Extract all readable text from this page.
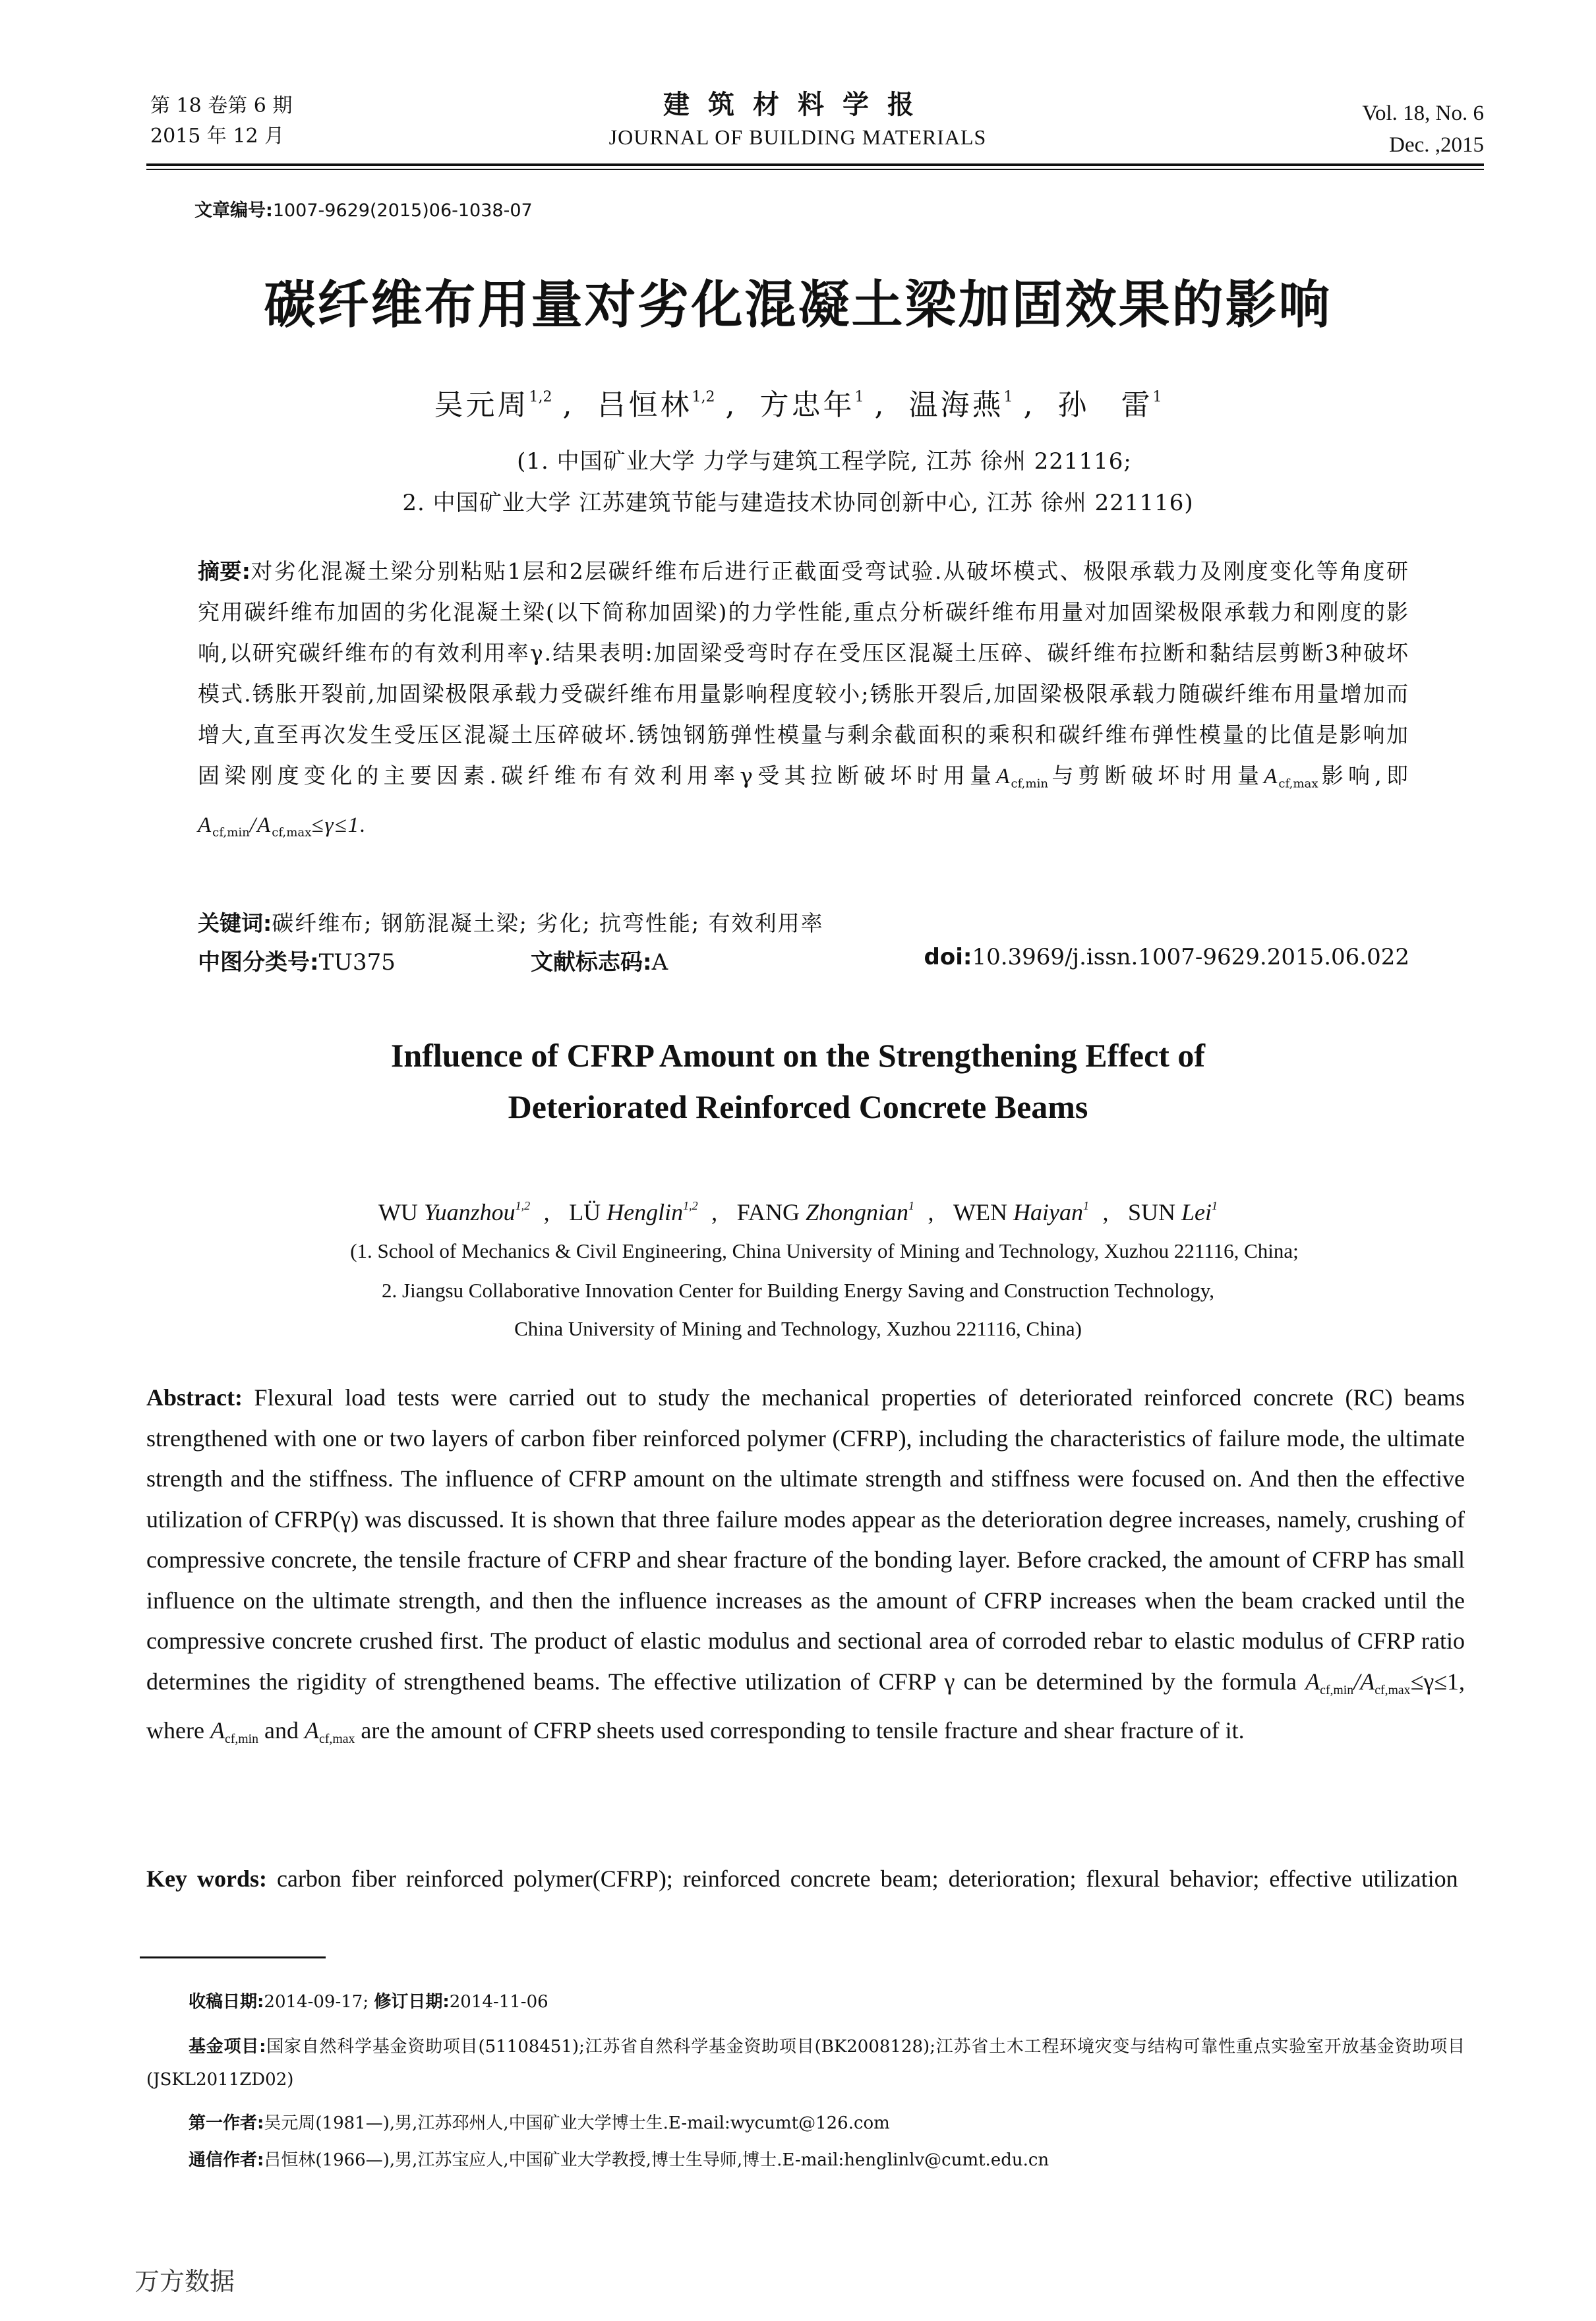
第 18 卷第 6 期
2015 年 12 月
建筑材料学报
JOURNAL OF BUILDING MATERIALS
Vol. 18, No. 6
Dec. ,2015
文章编号:1007-9629(2015)06-1038-07
碳纤维布用量对劣化混凝土梁加固效果的影响
吴元周$^{1,2}$ , 吕恒林$^{1,2}$ , 方忠年$^1$ , 温海燕$^1$ , 孙　雷$^1$
(1. 中国矿业大学 力学与建筑工程学院, 江苏 徐州 221116;
2. 中国矿业大学 江苏建筑节能与建造技术协同创新中心, 江苏 徐州 221116)
摘要:对劣化混凝土梁分别粘贴1层和2层碳纤维布后进行正截面受弯试验.从破坏模式、极限承载力及刚度变化等角度研究用碳纤维布加固的劣化混凝土梁(以下简称加固梁)的力学性能,重点分析碳纤维布用量对加固梁极限承载力和刚度的影响,以研究碳纤维布的有效利用率γ.结果表明:加固梁受弯时存在受压区混凝土压碎、碳纤维布拉断和黏结层剪断3种破坏模式.锈胀开裂前,加固梁极限承载力受碳纤维布用量影响程度较小;锈胀开裂后,加固梁极限承载力随碳纤维布用量增加而增大,直至再次发生受压区混凝土压碎破坏.锈蚀钢筋弹性模量与剩余截面积的乘积和碳纤维布弹性模量的比值是影响加固梁刚度变化的主要因素.碳纤维布有效利用率γ受其拉断破坏时用量$A_{cf,min}$与剪断破坏时用量$A_{cf,max}$影响,即 $A_{cf,min}/A_{cf,max}\le\gamma\le 1$.
关键词:碳纤维布; 钢筋混凝土梁; 劣化; 抗弯性能; 有效利用率
中图分类号:TU375	文献标志码:A	doi:10.3969/j.issn.1007-9629.2015.06.022
Influence of CFRP Amount on the Strengthening Effect of
Deteriorated Reinforced Concrete Beams
WU Yuanzhou$^{1,2}$ , LÜ Henglin$^{1,2}$ , FANG Zhongnian$^1$ , WEN Haiyan$^1$ , SUN Lei$^1$
(1. School of Mechanics & Civil Engineering, China University of Mining and Technology, Xuzhou 221116, China;
2. Jiangsu Collaborative Innovation Center for Building Energy Saving and Construction Technology,
China University of Mining and Technology, Xuzhou 221116, China)
Abstract: Flexural load tests were carried out to study the mechanical properties of deteriorated reinforced concrete (RC) beams strengthened with one or two layers of carbon fiber reinforced polymer (CFRP), including the characteristics of failure mode, the ultimate strength and the stiffness. The influence of CFRP amount on the ultimate strength and stiffness were focused on. And then the effective utilization of CFRP(γ) was discussed. It is shown that three failure modes appear as the deterioration degree increases, namely, crushing of compressive concrete, the tensile fracture of CFRP and shear fracture of the bonding layer. Before cracked, the amount of CFRP has small influence on the ultimate strength, and then the influence increases as the amount of CFRP increases when the beam cracked until the compressive concrete crushed first. The product of elastic modulus and sectional area of corroded rebar to elastic modulus of CFRP ratio determines the rigidity of strengthened beams. The effective utilization of CFRP γ can be determined by the formula $A_{cf,min}/A_{cf,max}\le\gamma\le 1$, where $A_{cf,min}$ and $A_{cf,max}$ are the amount of CFRP sheets used corresponding to tensile fracture and shear fracture of it.
Key words: carbon fiber reinforced polymer(CFRP); reinforced concrete beam; deterioration; flexural behavior; effective utilization
收稿日期:2014-09-17; 修订日期:2014-11-06
基金项目:国家自然科学基金资助项目(51108451);江苏省自然科学基金资助项目(BK2008128);江苏省土木工程环境灾变与结构可靠性重点实验室开放基金资助项目(JSKL2011ZD02)
第一作者:吴元周(1981—),男,江苏邳州人,中国矿业大学博士生.E-mail:wycumt@126.com
通信作者:吕恒林(1966—),男,江苏宝应人,中国矿业大学教授,博士生导师,博士.E-mail:henglinlv@cumt.edu.cn
万方数据
